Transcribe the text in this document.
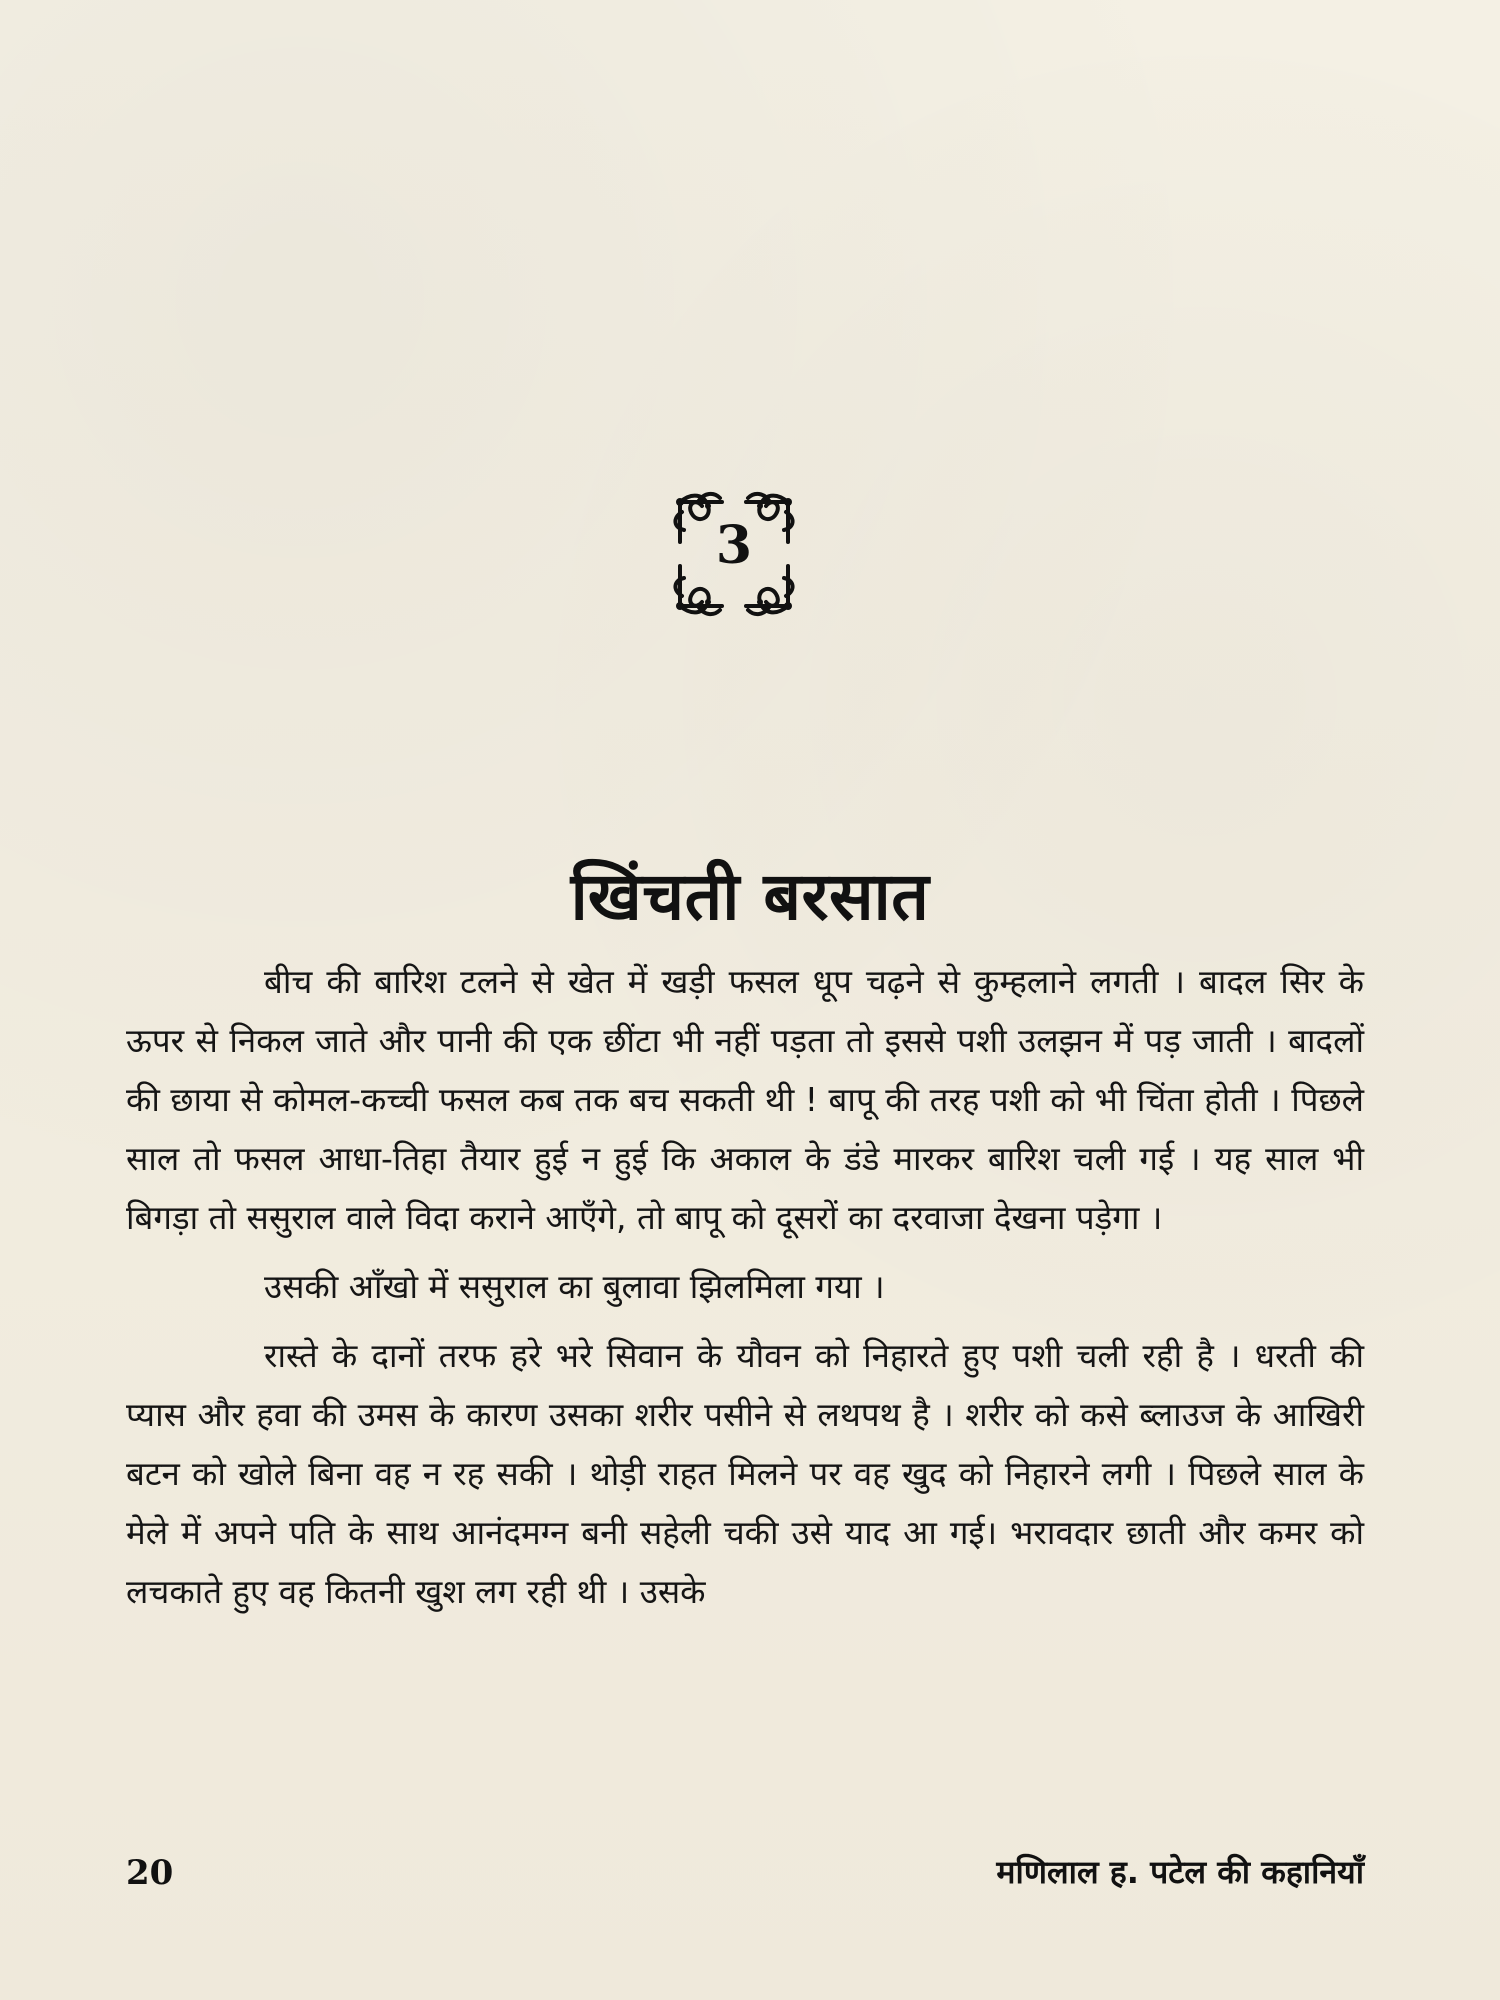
3
खिंचती बरसात

बीच की बारिश टलने से खेत में खड़ी फसल धूप चढ़ने से कुम्हलाने लगती । बादल सिर के ऊपर से निकल जाते और पानी की एक छींटा भी नहीं पड़ता तो इससे पशी उलझन में पड़ जाती । बादलों की छाया से कोमल-कच्ची फसल कब तक बच सकती थी ! बापू की तरह पशी को भी चिंता होती । पिछले साल तो फसल आधा-तिहा तैयार हुई न हुई कि अकाल के डंडे मारकर बारिश चली गई । यह साल भी बिगड़ा तो ससुराल वाले विदा कराने आएँगे, तो बापू को दूसरों का दरवाजा देखना पड़ेगा ।

उसकी आँखो में ससुराल का बुलावा झिलमिला गया ।

रास्ते के दानों तरफ हरे भरे सिवान के यौवन को निहारते हुए पशी चली रही है । धरती की प्यास और हवा की उमस के कारण उसका शरीर पसीने से लथपथ है । शरीर को कसे ब्लाउज के आखिरी बटन को खोले बिना वह न रह सकी । थोड़ी राहत मिलने पर वह खुद को निहारने लगी । पिछले साल के मेले में अपने पति के साथ आनंदमग्न बनी सहेली चकी उसे याद आ गई। भरावदार छाती और कमर को लचकाते हुए वह कितनी खुश लग रही थी । उसके

20	मणिलाल ह. पटेल की कहानियाँ
